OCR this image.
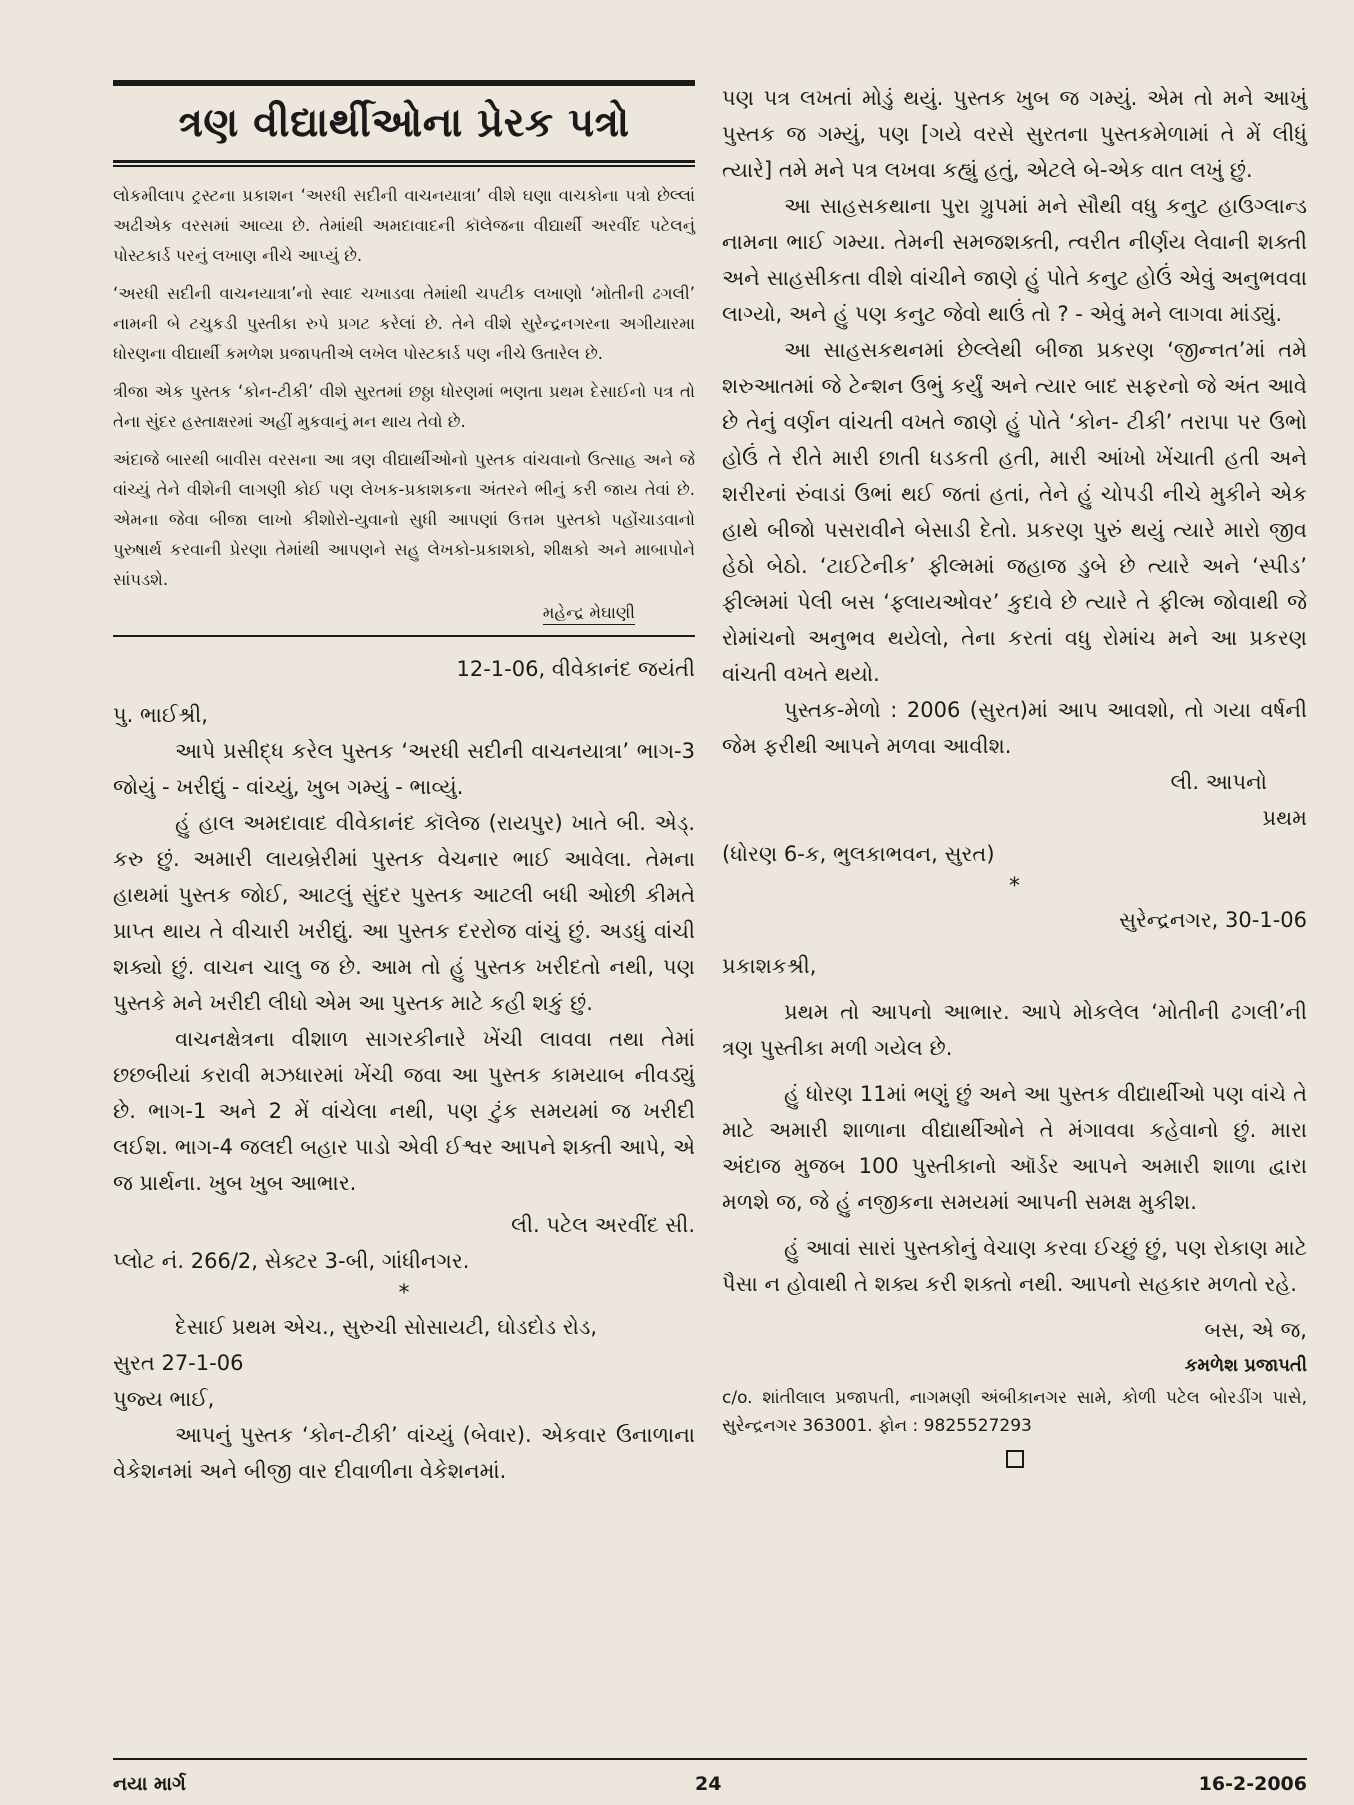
ત્રણ વીદ્યાર્થીઓના પ્રેરક પત્રો

લોકમીલાપ ટ્રસ્ટના પ્રકાશન ‘અરધી સદીની વાચનયાત્રા’ વીશે ઘણા વાચકોના પત્રો છેલ્લાં અઢીએક વરસમાં આવ્યા છે. તેમાંથી અમદાવાદની કૉલેજના વીદ્યાર્થી અરવીંદ પટેલનું પોસ્ટકાર્ડ પરનું લખાણ નીચે આપ્યું છે.

‘અરધી સદીની વાચનયાત્રા’નો સ્વાદ ચખાડવા તેમાંથી ચપટીક લખાણો ‘મોતીની ઢગલી’ નામની બે ટચુકડી પુસ્તીકા રુપે પ્રગટ કરેલાં છે. તેને વીશે સુરેન્દ્રનગરના અગીયારમા ધોરણના વીદ્યાર્થી કમળેશ પ્રજાપતીએ લખેલ પોસ્ટકાર્ડ પણ નીચે ઉતારેલ છે.

ત્રીજા એક પુસ્તક ‘કોન-ટીકી’ વીશે સુરતમાં છઠ્ઠા ધોરણમાં ભણતા પ્રથમ દેસાઈનો પત્ર તો તેના સુંદર હસ્તાક્ષરમાં અહીં મુકવાનું મન થાય તેવો છે.

અંદાજે બારથી બાવીસ વરસના આ ત્રણ વીદ્યાર્થીઓનો પુસ્તક વાંચવાનો ઉત્સાહ અને જે વાંચ્યું તેને વીશેની લાગણી કોઈ પણ લેખક-પ્રકાશકના અંતરને ભીનું કરી જાય તેવાં છે. એમના જેવા બીજા લાખો કીશોરો-યુવાનો સુધી આપણાં ઉત્તમ પુસ્તકો પહોંચાડવાનો પુરુષાર્થ કરવાની પ્રેરણા તેમાંથી આપણને સહુ લેખકો-પ્રકાશકો, શીક્ષકો અને માબાપોને સાંપડશે.

મહેન્દ્ર મેઘાણી

12-1-06, વીવેકાનંદ જયંતી

પુ. ભાઈશ્રી,

આપે પ્રસીદ્ધ કરેલ પુસ્તક ‘અરધી સદીની વાચનયાત્રા’ ભાગ-3 જોયું - ખરીદ્યું - વાંચ્યું, ખુબ ગમ્યું - ભાવ્યું.

હું હાલ અમદાવાદ વીવેકાનંદ કૉલેજ (રાયપુર) ખાતે બી. એડ્. કરુ છું. અમારી લાયબ્રેરીમાં પુસ્તક વેચનાર ભાઈ આવેલા. તેમના હાથમાં પુસ્તક જોઈ, આટલું સુંદર પુસ્તક આટલી બધી ઓછી કીમતે પ્રાપ્ત થાય તે વીચારી ખરીદ્યું. આ પુસ્તક દરરોજ વાંચું છું. અડધું વાંચી શક્યો છું. વાચન ચાલુ જ છે. આમ તો હું પુસ્તક ખરીદતો નથી, પણ પુસ્તકે મને ખરીદી લીધો એમ આ પુસ્તક માટે કહી શકું છું.

વાચનક્ષેત્રના વીશાળ સાગરકીનારે ખેંચી લાવવા તથા તેમાં છછબીયાં કરાવી મઝધારમાં ખેંચી જવા આ પુસ્તક કામયાબ નીવડ્યું છે. ભાગ-1 અને 2 મેં વાંચેલા નથી, પણ ટુંક સમયમાં જ ખરીદી લઈશ. ભાગ-4 જલદી બહાર પાડો એવી ઈશ્વર આપને શક્તી આપે, એ જ પ્રાર્થના. ખુબ ખુબ આભાર.

લી. પટેલ અરવીંદ સી.

પ્લોટ નં. 266/2, સેક્ટર 3-બી, ગાંધીનગર.

*

દેસાઈ પ્રથમ એચ., સુરુચી સોસાયટી, ઘોડદોડ રોડ,

સુરત 27-1-06

પુજ્ય ભાઈ,

આપનું પુસ્તક ‘કોન-ટીકી’ વાંચ્યું (બેવાર). એકવાર ઉનાળાના વેકેશનમાં અને બીજી વાર દીવાળીના વેકેશનમાં.

પણ પત્ર લખતાં મોડું થયું. પુસ્તક ખુબ જ ગમ્યું. એમ તો મને આખું પુસ્તક જ ગમ્યું, પણ [ગયે વરસે સુરતના પુસ્તકમેળામાં તે મેં લીધું ત્યારે] તમે મને પત્ર લખવા કહ્યું હતું, એટલે બે-એક વાત લખું છું.

આ સાહસકથાના પુરા ગ્રુપમાં મને સૌથી વધુ કનુટ હાઉગ્લાન્ડ નામના ભાઈ ગમ્યા. તેમની સમજશક્તી, ત્વરીત નીર્ણય લેવાની શક્તી અને સાહસીકતા વીશે વાંચીને જાણે હું પોતે કનુટ હોઉં એવું અનુભવવા લાગ્યો, અને હું પણ કનુટ જેવો થાઉં તો ? - એવું મને લાગવા માંડ્યું.

આ સાહસકથનમાં છેલ્લેથી બીજા પ્રકરણ ‘જીન્નત’માં તમે શરુઆતમાં જે ટેન્શન ઉભું કર્યું અને ત્યાર બાદ સફરનો જે અંત આવે છે તેનું વર્ણન વાંચતી વખતે જાણે હું પોતે ‘કોન- ટીકી’ તરાપા પર ઉભો હોઉં તે રીતે મારી છાતી ધડકતી હતી, મારી આંખો ખેંચાતી હતી અને શરીરનાં રુંવાડાં ઉભાં થઈ જતાં હતાં, તેને હું ચોપડી નીચે મુકીને એક હાથે બીજો પસરાવીને બેસાડી દેતો. પ્રકરણ પુરું થયું ત્યારે મારો જીવ હેઠો બેઠો. ‘ટાઈટેનીક’ ફીલ્મમાં જહાજ ડુબે છે ત્યારે અને ‘સ્પીડ’ ફીલ્મમાં પેલી બસ ‘ફ્લાયઓવર’ કુદાવે છે ત્યારે તે ફીલ્મ જોવાથી જે રોમાંચનો અનુભવ થયેલો, તેના કરતાં વધુ રોમાંચ મને આ પ્રકરણ વાંચતી વખતે થયો.

પુસ્તક-મેળો : 2006 (સુરત)માં આપ આવશો, તો ગયા વર્ષની જેમ ફરીથી આપને મળવા આવીશ.

લી. આપનો

પ્રથમ

(ધોરણ 6-ક, ભુલકાભવન, સુરત)

*

સુરેન્દ્રનગર, 30-1-06

પ્રકાશકશ્રી,

પ્રથમ તો આપનો આભાર. આપે મોકલેલ ‘મોતીની ઢગલી’ની ત્રણ પુસ્તીકા મળી ગયેલ છે.

હું ધોરણ 11માં ભણું છું અને આ પુસ્તક વીદ્યાર્થીઓ પણ વાંચે તે માટે અમારી શાળાના વીદ્યાર્થીઓને તે મંગાવવા કહેવાનો છું. મારા અંદાજ મુજબ 100 પુસ્તીકાનો ઑર્ડર આપને અમારી શાળા દ્વારા મળશે જ, જે હું નજીકના સમયમાં આપની સમક્ષ મુકીશ.

હું આવાં સારાં પુસ્તકોનું વેચાણ કરવા ઈચ્છું છું, પણ રોકાણ માટે પૈસા ન હોવાથી તે શક્ય કરી શક્તો નથી. આપનો સહકાર મળતો રહે.

બસ, એ જ,

કમળેશ પ્રજાપતી

c/o. શાંતીલાલ પ્રજાપતી, નાગમણી અંબીકાનગર સામે, કોળી પટેલ બોરડીંગ પાસે, સુરેન્દ્રનગર 363001. ફોન : 9825527293

નયા માર્ગ	24	16-2-2006
